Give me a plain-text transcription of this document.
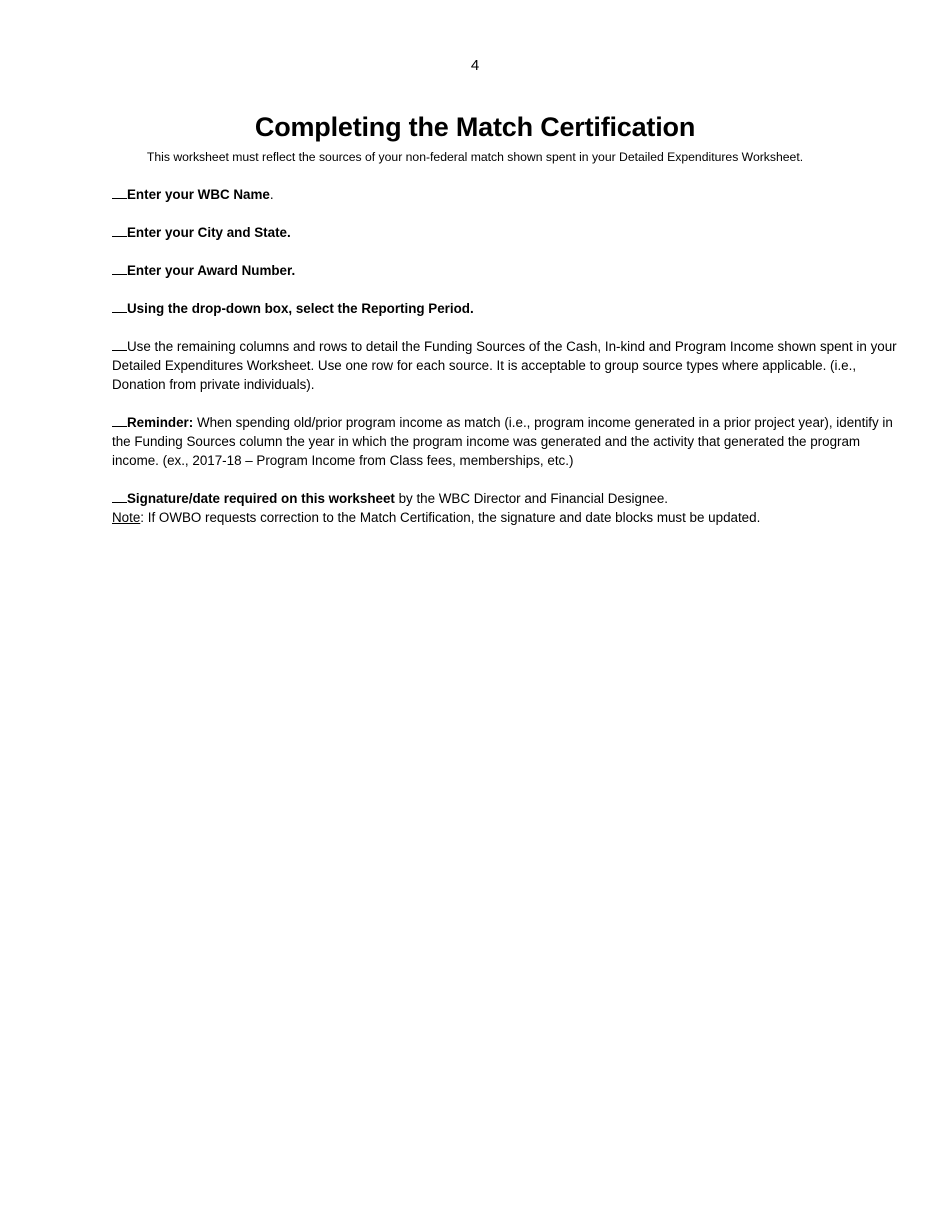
4
Completing the Match Certification
This worksheet must reflect the sources of your non-federal match shown spent in your Detailed Expenditures Worksheet.

Enter your WBC Name.

Enter your City and State.

Enter your Award Number.

Using the drop-down box, select the Reporting Period.

Use the remaining columns and rows to detail the Funding Sources of the Cash, In-kind and Program Income shown spent in your Detailed Expenditures Worksheet. Use one row for each source. It is acceptable to group source types where applicable. (i.e., Donation from private individuals).

Reminder: When spending old/prior program income as match (i.e., program income generated in a prior project year), identify in the Funding Sources column the year in which the program income was generated and the activity that generated the program income. (ex., 2017-18 – Program Income from Class fees, memberships, etc.)

Signature/date required on this worksheet by the WBC Director and Financial Designee.

Note: If OWBO requests correction to the Match Certification, the signature and date blocks must be updated.
